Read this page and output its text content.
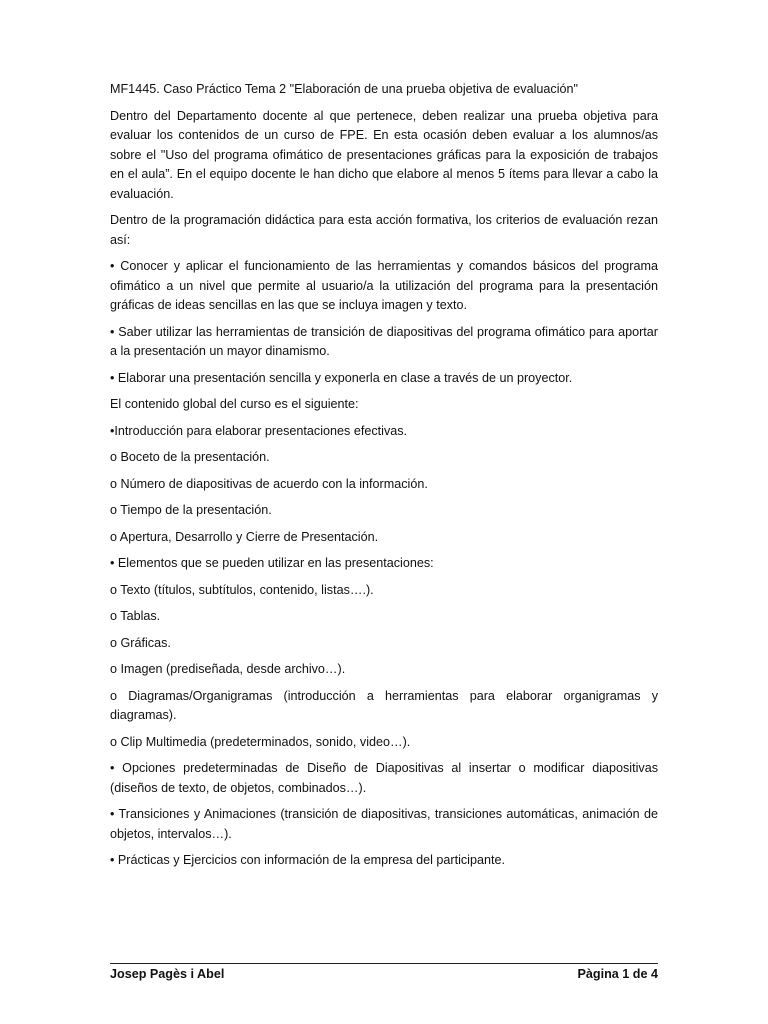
MF1445. Caso Práctico Tema 2 "Elaboración de una prueba objetiva de evaluación"

Dentro del Departamento docente al que pertenece, deben realizar una prueba objetiva para evaluar los contenidos de un curso de FPE. En esta ocasión deben evaluar a los alumnos/as sobre el "Uso del programa ofimático de presentaciones gráficas para la exposición de trabajos en el aula”. En el equipo docente le han dicho que elabore al menos 5 ítems para llevar a cabo la evaluación.

Dentro de la programación didáctica para esta acción formativa, los criterios de evaluación rezan así:

• Conocer y aplicar el funcionamiento de las herramientas y comandos básicos del programa ofimático a un nivel que permite al usuario/a la utilización del programa para la presentación gráficas de ideas sencillas en las que se incluya imagen y texto.

• Saber utilizar las herramientas de transición de diapositivas del programa ofimático para aportar a la presentación un mayor dinamismo.

• Elaborar una presentación sencilla y exponerla en clase a través de un proyector.

El contenido global del curso es el siguiente:

•Introducción para elaborar presentaciones efectivas.

o Boceto de la presentación.

o Número de diapositivas de acuerdo con la información.

o Tiempo de la presentación.

o Apertura, Desarrollo y Cierre de Presentación.

• Elementos que se pueden utilizar en las presentaciones:

o Texto (títulos, subtítulos, contenido, listas….).

o Tablas.

o Gráficas.

o Imagen (prediseñada, desde archivo…).

o Diagramas/Organigramas (introducción a herramientas para elaborar organigramas y diagramas).

o Clip Multimedia (predeterminados, sonido, video…).

• Opciones predeterminadas de Diseño de Diapositivas al insertar o modificar diapositivas (diseños de texto, de objetos, combinados…).

• Transiciones y Animaciones (transición de diapositivas, transiciones automáticas, animación de objetos, intervalos…).

• Prácticas y Ejercicios con información de la empresa del participante.

Josep Pagès i Abel	Pàgina 1 de 4
